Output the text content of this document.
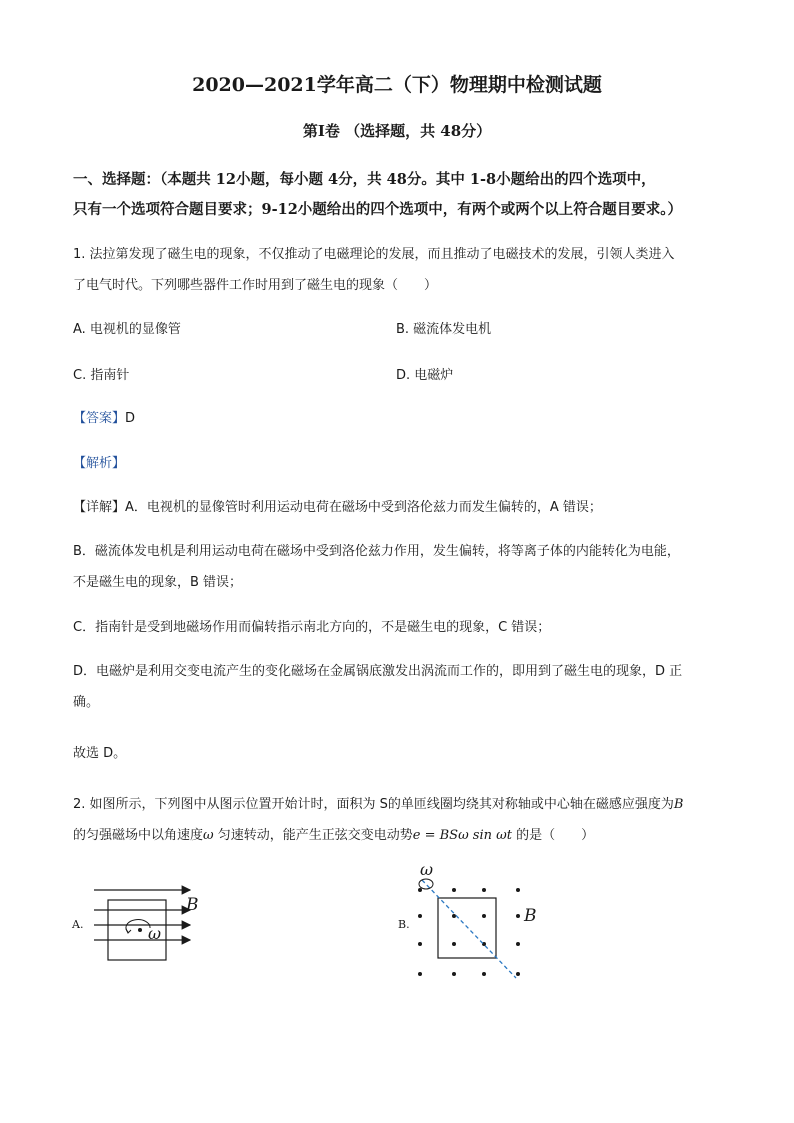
2020—2021学年高二（下）物理期中检测试题
第Ⅰ卷 （选择题，共 48分）
一、选择题：（本题共 12小题，每小题 4分，共 48分。其中 1-8小题给出的四个选项中，
只有一个选项符合题目要求；9-12小题给出的四个选项中，有两个或两个以上符合题目要求。）
1. 法拉第发现了磁生电的现象，不仅推动了电磁理论的发展，而且推动了电磁技术的发展，引领人类进入
了电气时代。下列哪些器件工作时用到了磁生电的现象（　　）
A. 电视机的显像管	B. 磁流体发电机
C. 指南针	D. 电磁炉
【答案】D
【解析】
【详解】A．电视机的显像管时利用运动电荷在磁场中受到洛伦兹力而发生偏转的，A 错误；
B．磁流体发电机是利用运动电荷在磁场中受到洛伦兹力作用，发生偏转，将等离子体的内能转化为电能，
不是磁生电的现象，B 错误；
C．指南针是受到地磁场作用而偏转指示南北方向的，不是磁生电的现象，C 错误；
D．电磁炉是利用交变电流产生的变化磁场在金属锅底激发出涡流而工作的，即用到了磁生电的现象，D 正
确。
故选 D。
2. 如图所示，下列图中从图示位置开始计时，面积为 S的单匝线圈均绕其对称轴或中心轴在磁感应强度为B
的匀强磁场中以角速度ω 匀速转动，能产生正弦交变电动势e = BSω sin ωt 的是（　　）
A.
B
ω	B.
ω
B
